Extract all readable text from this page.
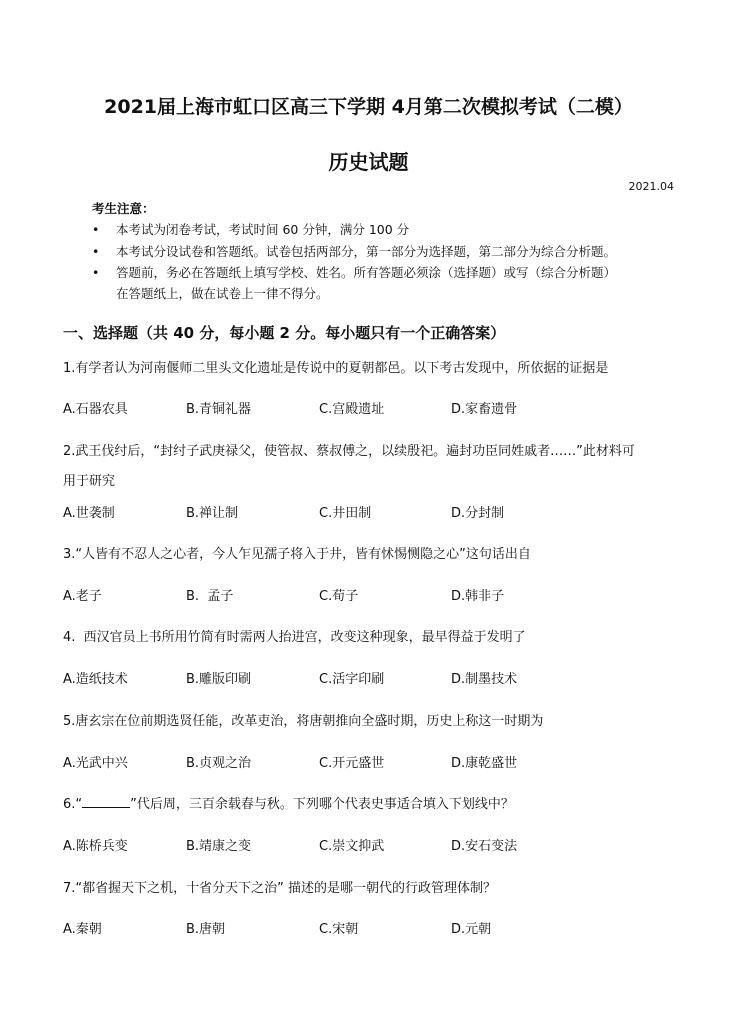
2021届上海市虹口区高三下学期 4月第二次模拟考试（二模）
历史试题
2021.04
考生注意：
• 本考试为闭卷考试，考试时间 60 分钟，满分 100 分
• 本考试分设试卷和答题纸。试卷包括两部分，第一部分为选择题，第二部分为综合分析题。
• 答题前，务必在答题纸上填写学校、姓名。所有答题必须涂（选择题）或写（综合分析题）
在答题纸上，做在试卷上一律不得分。
一、选择题（共 40 分，每小题 2 分。每小题只有一个正确答案）
1.有学者认为河南偃师二里头文化遗址是传说中的夏朝都邑。以下考古发现中，所依据的证据是
A.石器农具	B.青铜礼器	C.宫殿遗址	D.家畜遗骨
2.武王伐纣后，“封纣子武庚禄父，使管叔、蔡叔傅之，以续殷祀。遍封功臣同姓戚者……”此材料可
用于研究
A.世袭制	B.禅让制	C.井田制	D.分封制
3.“人皆有不忍人之心者，今人乍见孺子将入于井，皆有怵惕恻隐之心”这句话出自
A.老子	B.  孟子	C.荀子	D.韩非子
4.  西汉官员上书所用竹简有时需两人抬进宫，改变这种现象，最早得益于发明了
A.造纸技术	B.雕版印刷	C.活字印刷	D.制墨技术
5.唐玄宗在位前期选贤任能，改革吏治，将唐朝推向全盛时期，历史上称这一时期为
A.光武中兴	B.贞观之治	C.开元盛世	D.康乾盛世
6.“	”代后周，三百余载春与秋。下列哪个代表史事适合填入下划线中？
A.陈桥兵变	B.靖康之变	C.崇文抑武	D.安石变法
7.“都省握天下之机，十省分天下之治” 描述的是哪一朝代的行政管理体制？
A.秦朝	B.唐朝	C.宋朝	D.元朝
